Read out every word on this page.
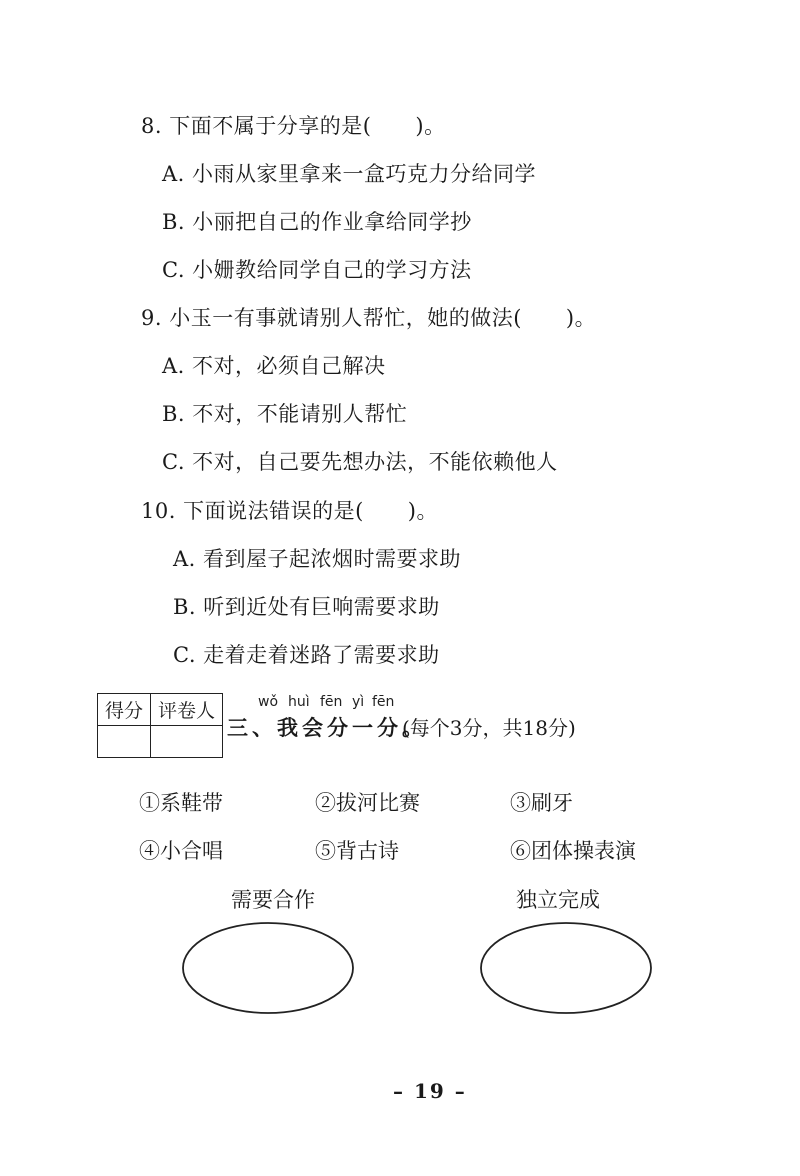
8. 下面不属于分享的是( )。
A. 小雨从家里拿来一盒巧克力分给同学
B. 小丽把自己的作业拿给同学抄
C. 小姗教给同学自己的学习方法
9. 小玉一有事就请别人帮忙，她的做法( )。
A. 不对，必须自己解决
B. 不对，不能请别人帮忙
C. 不对，自己要先想办法，不能依赖他人
10. 下面说法错误的是( )。
A. 看到屋子起浓烟时需要求助
B. 听到近处有巨响需要求助
C. 走着走着迷路了需要求助
得分	评卷人
		wǒ huì fēn yì fēn
三、我会分一分。
(每个3分，共18分)
①系鞋带	②拔河比赛	③刷牙
④小合唱	⑤背古诗	⑥团体操表演
需要合作	独立完成
– 19 –
